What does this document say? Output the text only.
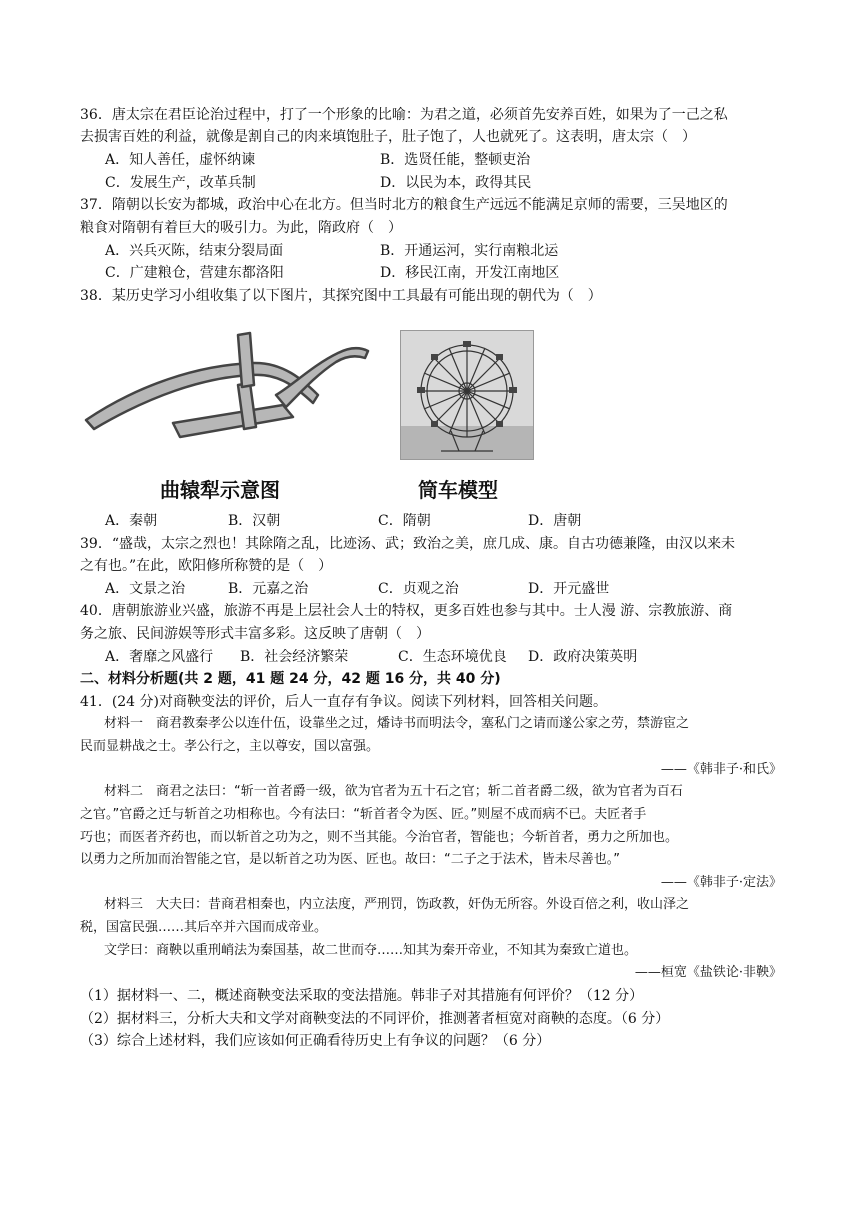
36．唐太宗在君臣论治过程中，打了一个形象的比喻：为君之道，必须首先安养百姓，如果为了一己之私
去损害百姓的利益，就像是割自己的肉来填饱肚子，肚子饱了，人也就死了。这表明，唐太宗（　）
A．知人善任，虚怀纳谏	B．选贤任能，整顿吏治
C．发展生产，改革兵制	D．以民为本，政得其民
37．隋朝以长安为都城，政治中心在北方。但当时北方的粮食生产远远不能满足京师的需要，三吴地区的
粮食对隋朝有着巨大的吸引力。为此，隋政府（　）
A．兴兵灭陈，结束分裂局面	B．开通运河，实行南粮北运
C．广建粮仓，营建东都洛阳	D．移民江南，开发江南地区
38．某历史学习小组收集了以下图片，其探究图中工具最有可能出现的朝代为（　）
曲辕犁示意图	筒车模型
A．秦朝	B．汉朝	C．隋朝	D．唐朝
39．“盛哉，太宗之烈也！其除隋之乱，比迹汤、武；致治之美，庶几成、康。自古功德兼隆，由汉以来未
之有也。”在此，欧阳修所称赞的是（　）
A．文景之治	B．元嘉之治	C．贞观之治	D．开元盛世
40．唐朝旅游业兴盛，旅游不再是上层社会人士的特权，更多百姓也参与其中。士人漫 游、宗教旅游、商
务之旅、民间游娱等形式丰富多彩。这反映了唐朝（　）
A．奢靡之风盛行 B．社会经济繁荣	C．生态环境优良 D．政府决策英明
二、材料分析题(共 2 题，41 题 24 分，42 题 16 分，共 40 分)
41．(24 分)对商鞅变法的评价，后人一直存有争议。阅读下列材料，回答相关问题。
材料一　商君教秦孝公以连什伍，设靠坐之过，燔诗书而明法令，塞私门之请而遂公家之劳，禁游宦之
民而显耕战之士。孝公行之，主以尊安，国以富强。
——《韩非子·和氏》
材料二　商君之法曰：“斩一首者爵一级，欲为官者为五十石之官；斩二首者爵二级，欲为官者为百石
之官。”官爵之迁与斩首之功相称也。今有法曰：“斩首者令为医、匠。”则屋不成而病不已。夫匠者手
巧也；而医者齐药也，而以斩首之功为之，则不当其能。今治官者，智能也；今斩首者，勇力之所加也。
以勇力之所加而治智能之官，是以斩首之功为医、匠也。故曰：“二子之于法术，皆未尽善也。”
——《韩非子·定法》
材料三　大夫曰：昔商君相秦也，内立法度，严刑罚，饬政教，奸伪无所容。外设百倍之利，收山泽之
税，国富民强……其后卒并六国而成帝业。
文学曰：商鞅以重刑峭法为秦国基，故二世而夺……知其为秦开帝业，不知其为秦致亡道也。
——桓宽《盐铁论·非鞅》
（1）据材料一、二，概述商鞅变法采取的变法措施。韩非子对其措施有何评价？（12 分）
（2）据材料三，分析大夫和文学对商鞅变法的不同评价，推测著者桓宽对商鞅的态度。（6 分）
（3）综合上述材料，我们应该如何正确看待历史上有争议的问题？（6 分）
